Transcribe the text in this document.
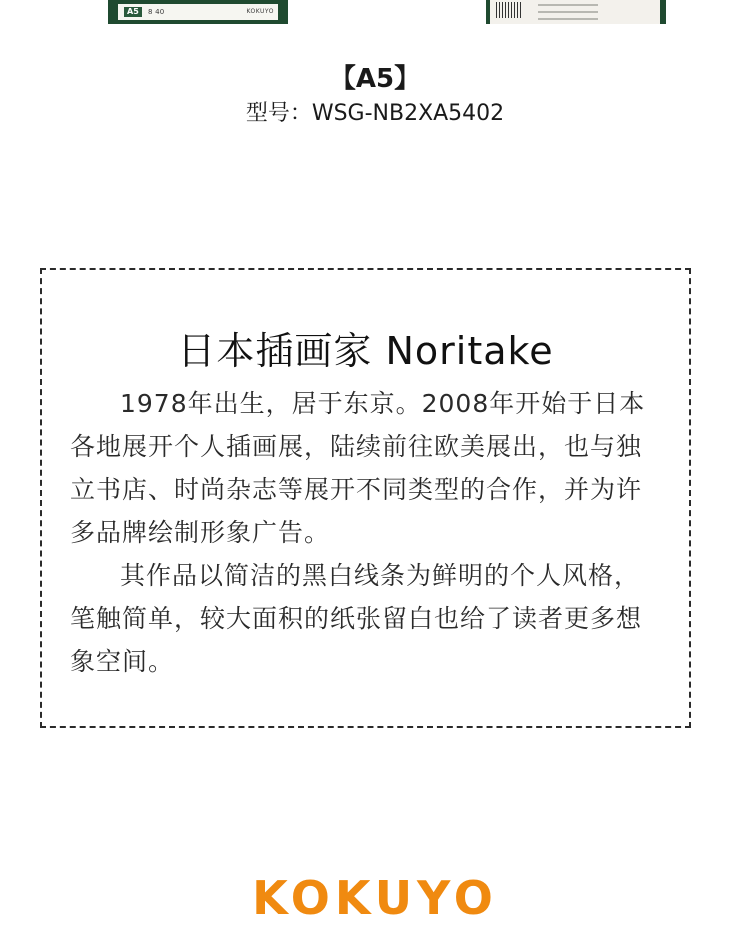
A5	8 40	KOKUYO
【A5】
型号：WSG-NB2XA5402
日本插画家 Noritake

1978年出生，居于东京。2008年开始于日本各地展开个人插画展，陆续前往欧美展出，也与独立书店、时尚杂志等展开不同类型的合作，并为许多品牌绘制形象广告。

其作品以简洁的黑白线条为鲜明的个人风格，笔触简单，较大面积的纸张留白也给了读者更多想象空间。

KOKUYO
